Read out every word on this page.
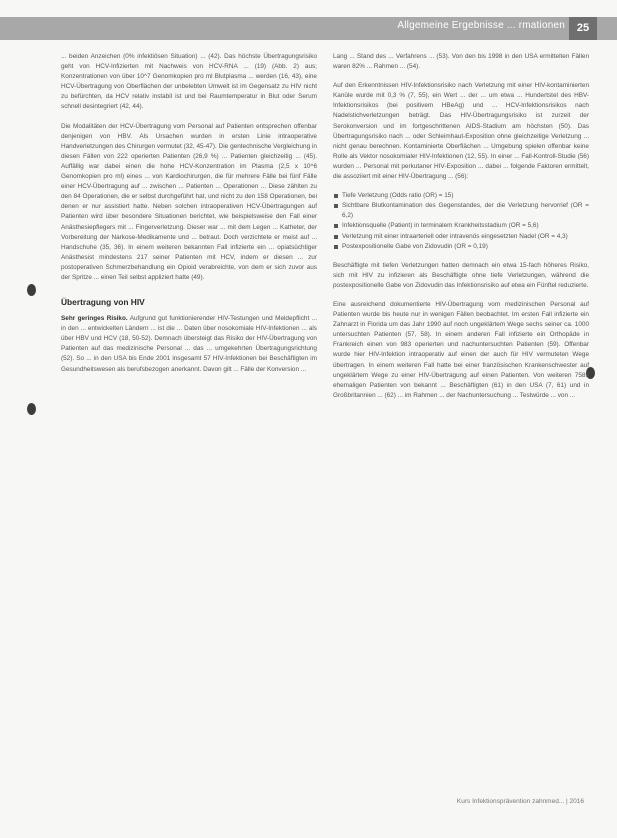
Allgemeine Ergebnisse ... rmationen	25

... beiden Anzeichen (0% infektiösen Situation) ... (42). Das höchste Übertragungsrisiko geht von HCV-Infizierten mit Nachweis von HCV-RNA ... (19) (Abb. 2) aus; Konzentrationen von über 10^7 Genomkopien pro ml Blutplasma ... werden (16, 43), eine HCV-Übertragung von Oberflächen der unbelebten Umwelt ist im Gegensatz zu HIV nicht zu befürchten, da HCV relativ instabil ist und bei Raumtemperatur in Blut oder Serum schnell desintegriert (42, 44).

Die Modalitäten der HCV-Übertragung vom Personal auf Patienten entsprechen offenbar denjenigen von HBV. Als Ursachen wurden in ersten Linie intraoperative Handverletzungen des Chirurgen vermutet (32, 45-47). Die gentechnische Vergleichung in diesen Fällen von 222 operierten Patienten (26,9 %) ... Patienten gleichzeitig ... (45). Auffällig war dabei einen die hohe HCV-Konzentration im Plasma (2,5 x 10^6 Genomkopien pro ml) eines ... von Kardiochirurgen, die für mehrere Fälle bei fünf Fälle einer HCV-Übertragung auf ... zwischen ... Patienten ... Operationen ... Diese zählten zu den 84 Operationen, die er selbst durchgeführt hat, und nicht zu den 158 Operationen, bei denen er nur assistiert hatte. Neben solchen intraoperativen HCV-Übertragungen auf Patienten wird über besondere Situationen berichtet, wie beispielsweise den Fall einer Anästhesiepflegers mit ... Fingerverletzung. Dieser war ... mit dem Legen ... Katheter, der Vorbereitung der Narkose-Medikamente und ... betraut. Doch verzichtete er meist auf ... Handschuhe (35, 36). In einem weiteren bekannten Fall infizierte ein ... opiatsüchtiger Anästhesist mindestens 217 seiner Patienten mit HCV, indem er diesen ... zur postoperativen Schmerzbehandlung ein Opioid verabreichte, von dem er sich zuvor aus der Spritze ... einen Teil selbst appliziert hatte (49).

Übertragung von HIV

Sehr geringes Risiko. Aufgrund gut funktionierender HIV-Testungen und Meldepflicht ... in den ... entwickelten Ländern ... ist die ... Daten über nosokomiale HIV-Infektionen ... als über HBV und HCV (18, 50-52). Demnach übersteigt das Risiko der HIV-Übertragung von Patienten auf das medizinische Personal ... das ... umgekehrten Übertragungsrichtung (52). So ... in den USA bis Ende 2001 insgesamt 57 HIV-Infektionen bei Beschäftigten im Gesundheitswesen als berufsbezogen anerkannt. Davon gilt ... Fälle der Konversion ...

Lang ... Stand des ... Verfahrens ... (53). Von den bis 1998 in den USA ermittelten Fällen waren 82% ... Rahmen ... (54).

Auf den Erkenntnissen HIV-Infektionsrisiko nach Verletzung mit einer HIV-kontaminierten Kanüle wurde mit 0,3 % (7, 55), ein Wert ... der ... um etwa ... Hundertstel des HBV-Infektionsrisikos (bei positivem HBeAg) und ... HCV-Infektionsrisikos nach Nadelstichverletzungen beträgt. Das HIV-Übertragungsrisiko ist zurzeit der Serokonversion und im fortgeschrittenen AIDS-Stadium am höchsten (50). Das Übertragungsrisiko nach ... oder Schleimhaut-Exposition ohne gleichzeitige Verletzung ... nicht genau berechnen. Kontaminierte Oberflächen ... Umgebung spielen offenbar keine Rolle als Vektor nosokomialer HIV-Infektionen (12, 55). In einer ... Fall-Kontroll-Studie (56) wurden ... Personal mit perkutaner HIV-Exposition ... dabei ... folgende Faktoren ermittelt, die assoziiert mit einer HIV-Übertragung ... (56):

Tiefe Verletzung (Odds ratio (OR) = 15)
Sichtbare Blutkontamination des Gegenstandes, der die Verletzung hervorrief (OR = 6,2)
Infektionsquelle (Patient) in terminalem Krankheitsstadium (OR = 5,6)
Verletzung mit einer intraarteriell oder intravenös eingesetzten Nadel (OR = 4,3)
Postexpositionelle Gabe von Zidovudin (OR = 0,19)

Beschäftigte mit tiefen Verletzungen hatten demnach ein etwa 15-fach höheres Risiko, sich mit HIV zu infizieren als Beschäftigte ohne tiefe Verletzungen, während die postexpositionelle Gabe von Zidovudin das Infektionsrisiko auf etwa ein Fünftel reduzierte.

Eine ausreichend dokumentierte HIV-Übertragung vom medizinischen Personal auf Patienten wurde bis heute nur in wenigen Fällen beobachtet. Im ersten Fall infizierte ein Zahnarzt in Florida um das Jahr 1990 auf noch ungeklärtem Wege sechs seiner ca. 1000 untersuchten Patienten (57, 58). In einem anderen Fall infizierte ein Orthopäde in Frankreich einen von 983 operierten und nachuntersuchten Patienten (59). Offenbar wurde hier HIV-Infektion intraoperativ auf einen der auch für HIV vermuteten Wege übertragen. In einem weiteren Fall hatte bei einer französischen Krankenschwester auf ungeklärtem Wege zu einer HIV-Übertragung auf einen Patienten. Von weiteren 7589 ehemaligen Patienten von bekannt ... Beschäftigten (61) in den USA (7, 61) und in Großbritannien ... (62) ... im Rahmen ... der Nachuntersuchung ... Testwürde ... von ...

Kurs Infektionsprävention zahnmed... | 2016
